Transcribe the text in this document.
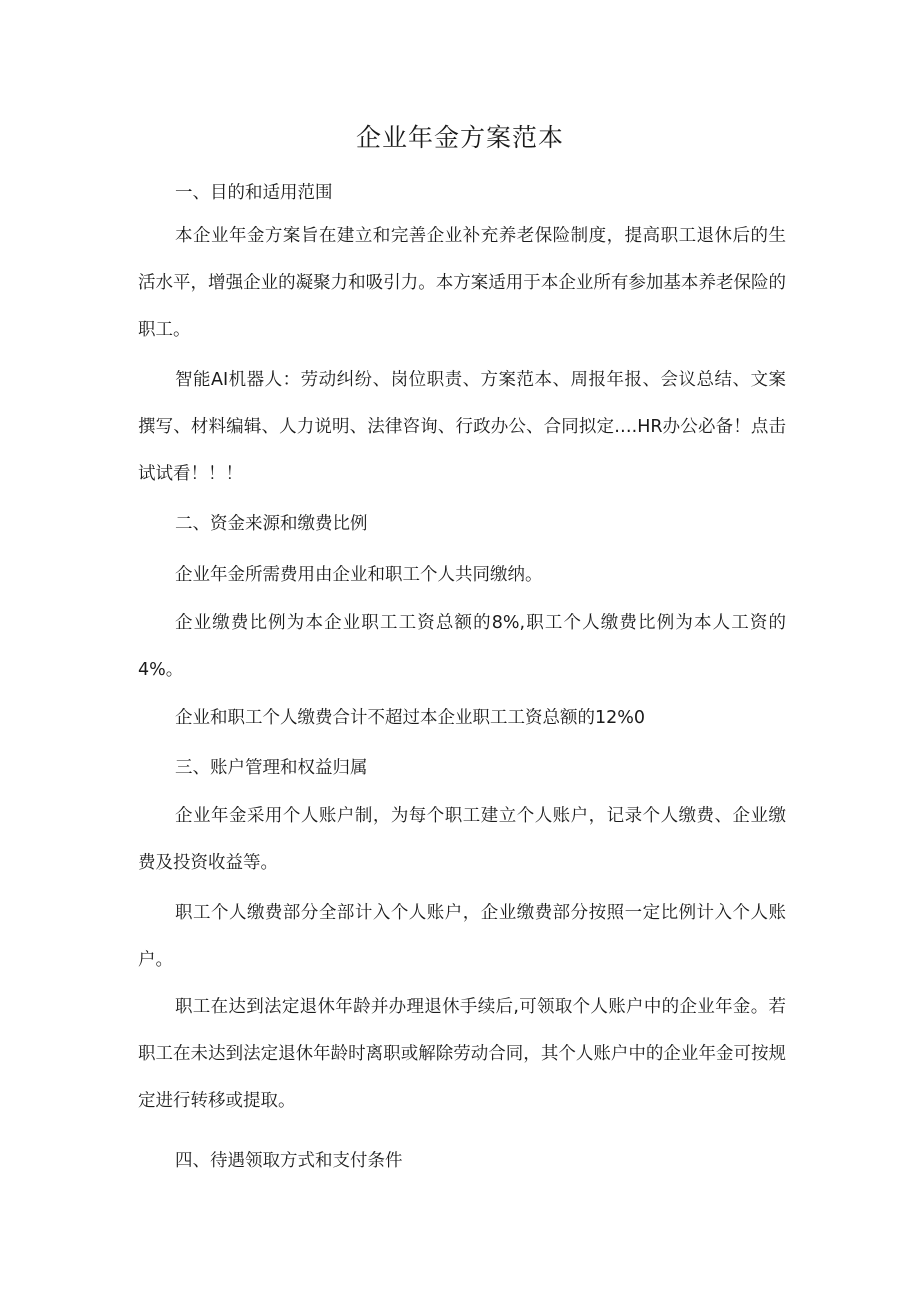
企业年金方案范本

一、目的和适用范围

本企业年金方案旨在建立和完善企业补充养老保险制度，提高职工退休后的生活水平，增强企业的凝聚力和吸引力。本方案适用于本企业所有参加基本养老保险的职工。

智能AI机器人：劳动纠纷、岗位职责、方案范本、周报年报、会议总结、文案撰写、材料编辑、人力说明、法律咨询、行政办公、合同拟定….HR办公必备！点击试试看！！！

二、资金来源和缴费比例

企业年金所需费用由企业和职工个人共同缴纳。

企业缴费比例为本企业职工工资总额的8%,职工个人缴费比例为本人工资的4%。

企业和职工个人缴费合计不超过本企业职工工资总额的12%0

三、账户管理和权益归属

企业年金采用个人账户制，为每个职工建立个人账户，记录个人缴费、企业缴费及投资收益等。

职工个人缴费部分全部计入个人账户，企业缴费部分按照一定比例计入个人账户。

职工在达到法定退休年龄并办理退休手续后,可领取个人账户中的企业年金。若职工在未达到法定退休年龄时离职或解除劳动合同，其个人账户中的企业年金可按规定进行转移或提取。

四、待遇领取方式和支付条件
